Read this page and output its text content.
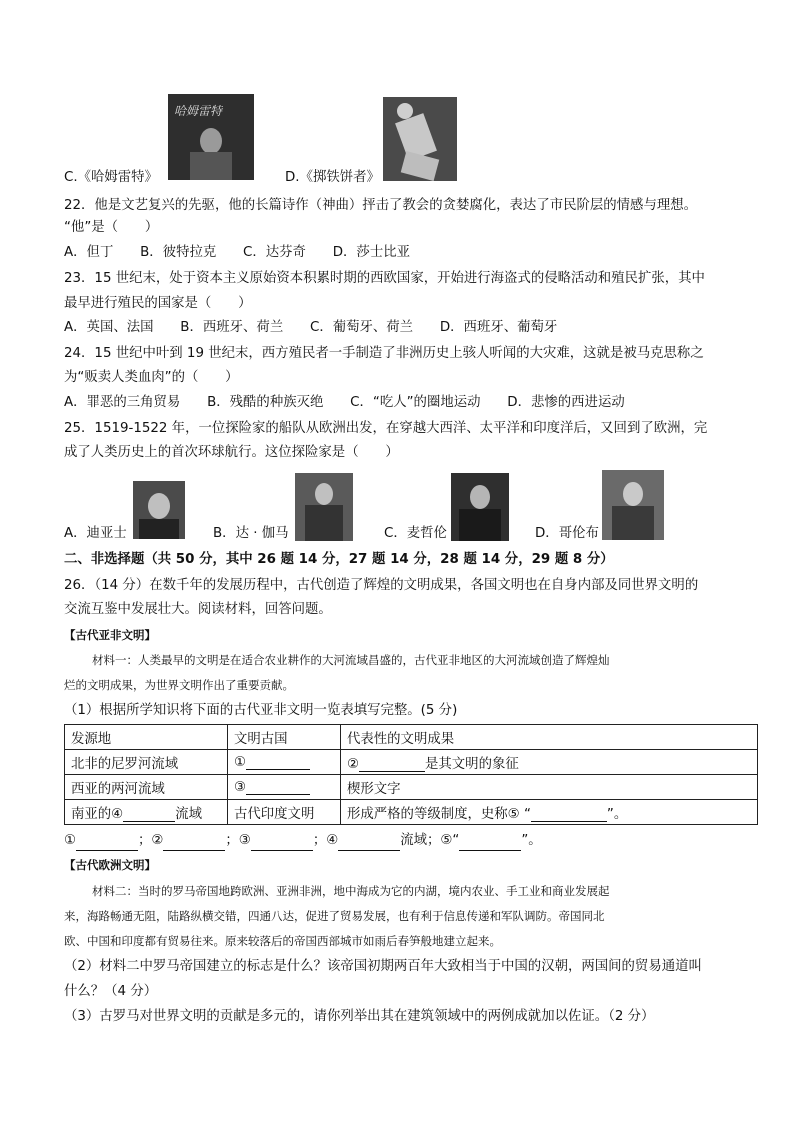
哈姆雷特
C.《哈姆雷特》	D.《掷铁饼者》
22．他是文艺复兴的先驱，他的长篇诗作（神曲）抨击了教会的贪婪腐化，表达了市民阶层的情感与理想。
“他”是（　　）
A．但丁　　B．彼特拉克　　C．达芬奇　　D．莎士比亚
23．15 世纪末，处于资本主义原始资本积累时期的西欧国家，开始进行海盗式的侵略活动和殖民扩张，其中
最早进行殖民的国家是（　　）
A．英国、法国　　B．西班牙、荷兰　　C．葡萄牙、荷兰　　D．西班牙、葡萄牙
24．15 世纪中叶到 19 世纪末，西方殖民者一手制造了非洲历史上骇人听闻的大灾难，这就是被马克思称之
为“贩卖人类血肉”的（　　）
A．罪恶的三角贸易　　B．残酷的种族灭绝　　C．“吃人”的圈地运动　　D．悲惨的西进运动
25．1519-1522 年，一位探险家的船队从欧洲出发，在穿越大西洋、太平洋和印度洋后，又回到了欧洲，完
成了人类历史上的首次环球航行。这位探险家是（　　）
A．迪亚士	B．达 · 伽马	C．麦哲伦	D．哥伦布
二、非选择题（共 50 分，其中 26 题 14 分，27 题 14 分，28 题 14 分，29 题 8 分）
26．（14 分）在数千年的发展历程中，古代创造了辉煌的文明成果，各国文明也在自身内部及同世界文明的
交流互鉴中发展壮大。阅读材料，回答问题。
【古代亚非文明】
材料一：人类最早的文明是在适合农业耕作的大河流域昌盛的，古代亚非地区的大河流域创造了辉煌灿
烂的文明成果，为世界文明作出了重要贡献。
（1）根据所学知识将下面的古代亚非文明一览表填写完整。(5 分)
发源地	文明古国	代表性的文明成果
北非的尼罗河流域	①	② 是其文明的象征
西亚的两河流域	③	楔形文字
南亚的④ 流域	古代印度文明	形成严格的等级制度，史称⑤ “ ”。
①	；②	；③	；④	流域；⑤“	”。
【古代欧洲文明】
材料二：当时的罗马帝国地跨欧洲、亚洲非洲，地中海成为它的内湖，境内农业、手工业和商业发展起
来，海路畅通无阻，陆路纵横交错，四通八达，促进了贸易发展，也有利于信息传递和军队调防。帝国同北
欧、中国和印度都有贸易往来。原来较落后的帝国西部城市如雨后春笋般地建立起来。
（2）材料二中罗马帝国建立的标志是什么？该帝国初期两百年大致相当于中国的汉朝，两国间的贸易通道叫
什么？（4 分）
（3）古罗马对世界文明的贡献是多元的，请你列举出其在建筑领域中的两例成就加以佐证。（2 分）
